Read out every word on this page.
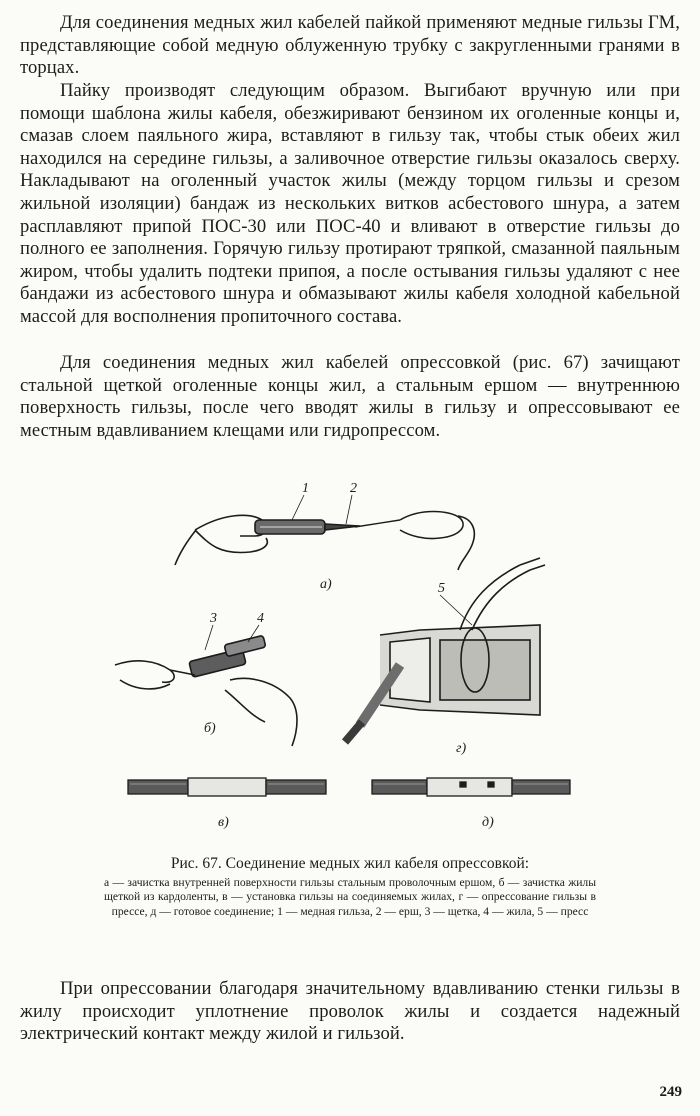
Для соединения медных жил кабелей пайкой применяют медные гильзы ГМ, представляющие собой медную облуженную трубку с закругленными гранями в торцах.

Пайку производят следующим образом. Выгибают вручную или при помощи шаблона жилы кабеля, обезжиривают бензином их оголенные концы и, смазав слоем паяльного жира, вставляют в гильзу так, чтобы стык обеих жил находился на середине гильзы, а заливочное отверстие гильзы оказалось сверху. Накладывают на оголенный участок жилы (между торцом гильзы и срезом жильной изоляции) бандаж из нескольких витков асбестового шнура, а затем расплавляют припой ПОС-30 или ПОС-40 и вливают в отверстие гильзы до полного ее заполнения. Горячую гильзу протирают тряпкой, смазанной паяльным жиром, чтобы удалить подтеки припоя, а после остывания гильзы удаляют с нее бандажи из асбестового шнура и обмазывают жилы кабеля холодной кабельной массой для восполнения пропиточного состава.

Для соединения медных жил кабелей опрессовкой (рис. 67) зачищают стальной щеткой оголенные концы жил, а стальным ершом — внутреннюю поверхность гильзы, после чего вводят жилы в гильзу и опрессовывают ее местным вдавливанием клещами или гидропрессом.

1	2
а)
3	4
б)
5
г)
в)	д)

Рис. 67. Соединение медных жил кабеля опрессовкой:

а — зачистка внутренней поверхности гильзы стальным проволочным ершом, б — зачистка жилы щеткой из кардоленты, в — установка гильзы на соединяемых жилах, г — опрессование гильзы в прессе, д — готовое соединение; 1 — медная гильза, 2 — ерш, 3 — щетка, 4 — жила, 5 — пресс

При опрессовании благодаря значительному вдавливанию стенки гильзы в жилу происходит уплотнение проволок жилы и создается надежный электрический контакт между жилой и гильзой.

249
